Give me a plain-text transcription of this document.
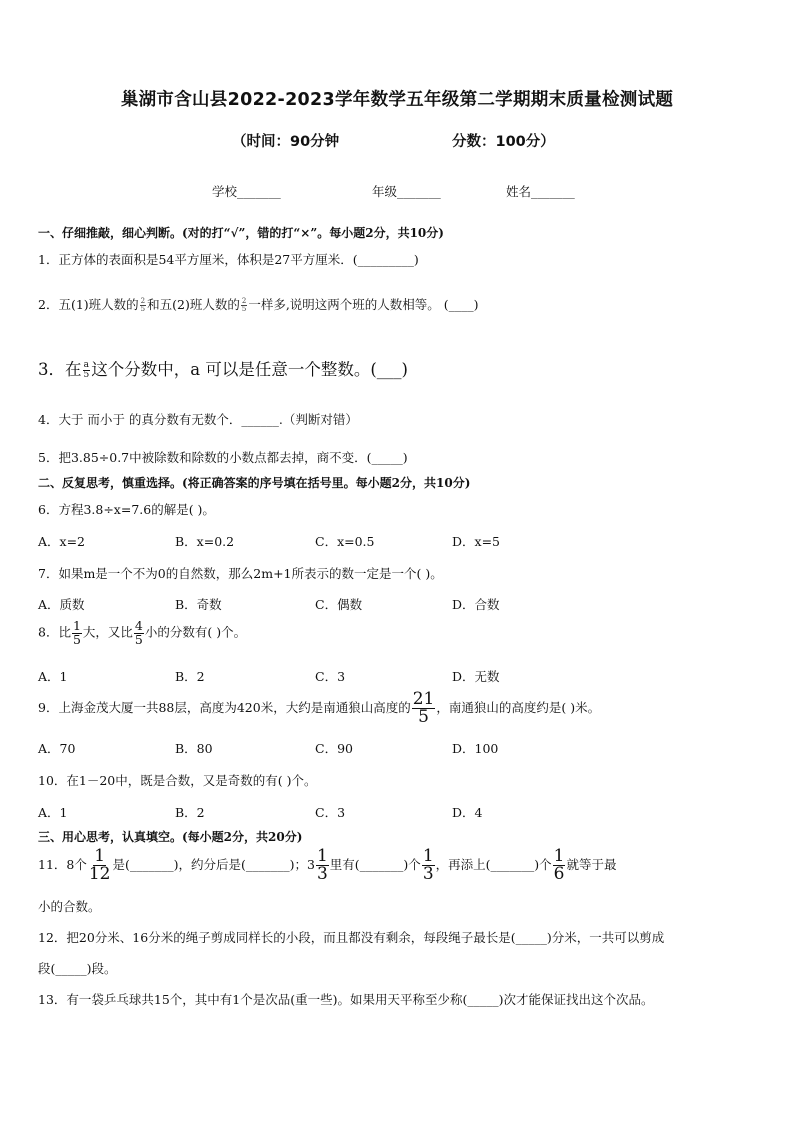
巢湖市含山县2022-2023学年数学五年级第二学期期末质量检测试题
（时间：90分钟	分数：100分）
学校_______	年级_______	姓名_______
一、仔细推敲，细心判断。(对的打“√”，错的打“×”。每小题2分，共10分)
1．正方体的表面积是54平方厘米，体积是27平方厘米．(_________)
2．五(1)班人数的 $\frac{2}{5}$ 和五(2)班人数的 $\frac{2}{5}$ 一样多,说明这两个班的人数相等。 (____)
3．在 $\frac{a}{5}$ 这个分数中，a 可以是任意一个整数。(___)
4．大于 而小于 的真分数有无数个．______.（判断对错）
5．把3.85÷0.7中被除数和除数的小数点都去掉，商不变．(_____)
二、反复思考，慎重选择。(将正确答案的序号填在括号里。每小题2分，共10分)
6．方程3.8÷x=7.6的解是( )。
A．x=2	B．x=0.2	C．x=0.5	D．x=5
7．如果m是一个不为0的自然数，那么2m+1所表示的数一定是一个( )。
A．质数	B．奇数	C．偶数	D．合数
8．比 $\frac{1}{5}$ 大，又比 $\frac{4}{5}$ 小的分数有( )个。
A．1	B．2	C．3	D．无数
9．上海金茂大厦一共88层，高度为420米，大约是南通狼山高度的 $\frac{21}{5}$ ，南通狼山的高度约是( )米。
A．70	B．80	C．90	D．100
10．在1－20中，既是合数，又是奇数的有( )个。
A．1	B．2	C．3	D．4
三、用心思考，认真填空。(每小题2分，共20分)
11．8个 $\frac{1}{12}$ 是(_______)，约分后是(_______)；$3 \frac{1}{3}$ 里有(_______)个 $\frac{1}{3}$ ，再添上(_______)个 $\frac{1}{6}$ 就等于最
小的合数。
12．把20分米、16分米的绳子剪成同样长的小段，而且都没有剩余，每段绳子最长是(_____)分米，一共可以剪成
段(_____)段。
13．有一袋乒乓球共15个，其中有1个是次品(重一些)。如果用天平称至少称(_____)次才能保证找出这个次品。
